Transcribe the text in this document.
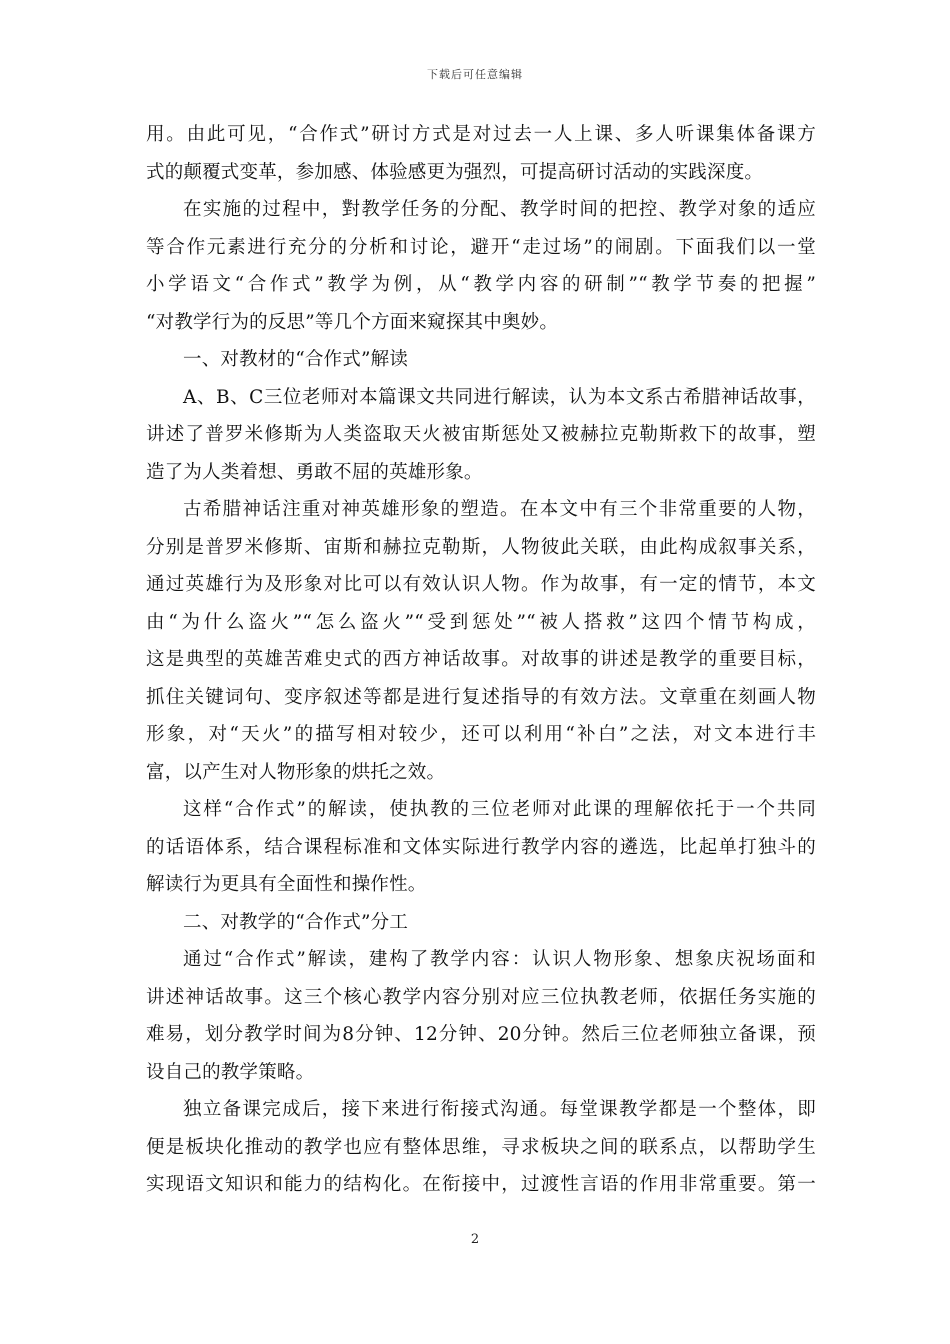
下载后可任意编辑
用。由此可见，“合作式”研讨方式是对过去一人上课、多人听课集体备课方
式的颠覆式变革，参加感、体验感更为强烈，可提高研讨活动的实践深度。
在实施的过程中，對教学任务的分配、教学时间的把控、教学对象的适应
等合作元素进行充分的分析和讨论，避开“走过场”的闹剧。下面我们以一堂
小学语文“合作式”教学为例，从“教学内容的研制”“教学节奏的把握”
“对教学行为的反思”等几个方面来窥探其中奥妙。
一、对教材的“合作式”解读
A、B、C三位老师对本篇课文共同进行解读，认为本文系古希腊神话故事，
讲述了普罗米修斯为人类盗取天火被宙斯惩处又被赫拉克勒斯救下的故事，塑
造了为人类着想、勇敢不屈的英雄形象。
古希腊神话注重对神英雄形象的塑造。在本文中有三个非常重要的人物，
分别是普罗米修斯、宙斯和赫拉克勒斯，人物彼此关联，由此构成叙事关系，
通过英雄行为及形象对比可以有效认识人物。作为故事，有一定的情节，本文
由“为什么盗火”“怎么盗火”“受到惩处”“被人搭救”这四个情节构成，
这是典型的英雄苦难史式的西方神话故事。对故事的讲述是教学的重要目标，
抓住关键词句、变序叙述等都是进行复述指导的有效方法。文章重在刻画人物
形象，对“天火”的描写相对较少，还可以利用“补白”之法，对文本进行丰
富，以产生对人物形象的烘托之效。
这样“合作式”的解读，使执教的三位老师对此课的理解依托于一个共同
的话语体系，结合课程标准和文体实际进行教学内容的遴选，比起单打独斗的
解读行为更具有全面性和操作性。
二、对教学的“合作式”分工
通过“合作式”解读，建构了教学内容：认识人物形象、想象庆祝场面和
讲述神话故事。这三个核心教学内容分别对应三位执教老师，依据任务实施的
难易，划分教学时间为8分钟、12分钟、20分钟。然后三位老师独立备课，预
设自己的教学策略。
独立备课完成后，接下来进行衔接式沟通。每堂课教学都是一个整体，即
便是板块化推动的教学也应有整体思维，寻求板块之间的联系点，以帮助学生
实现语文知识和能力的结构化。在衔接中，过渡性言语的作用非常重要。第一
2
